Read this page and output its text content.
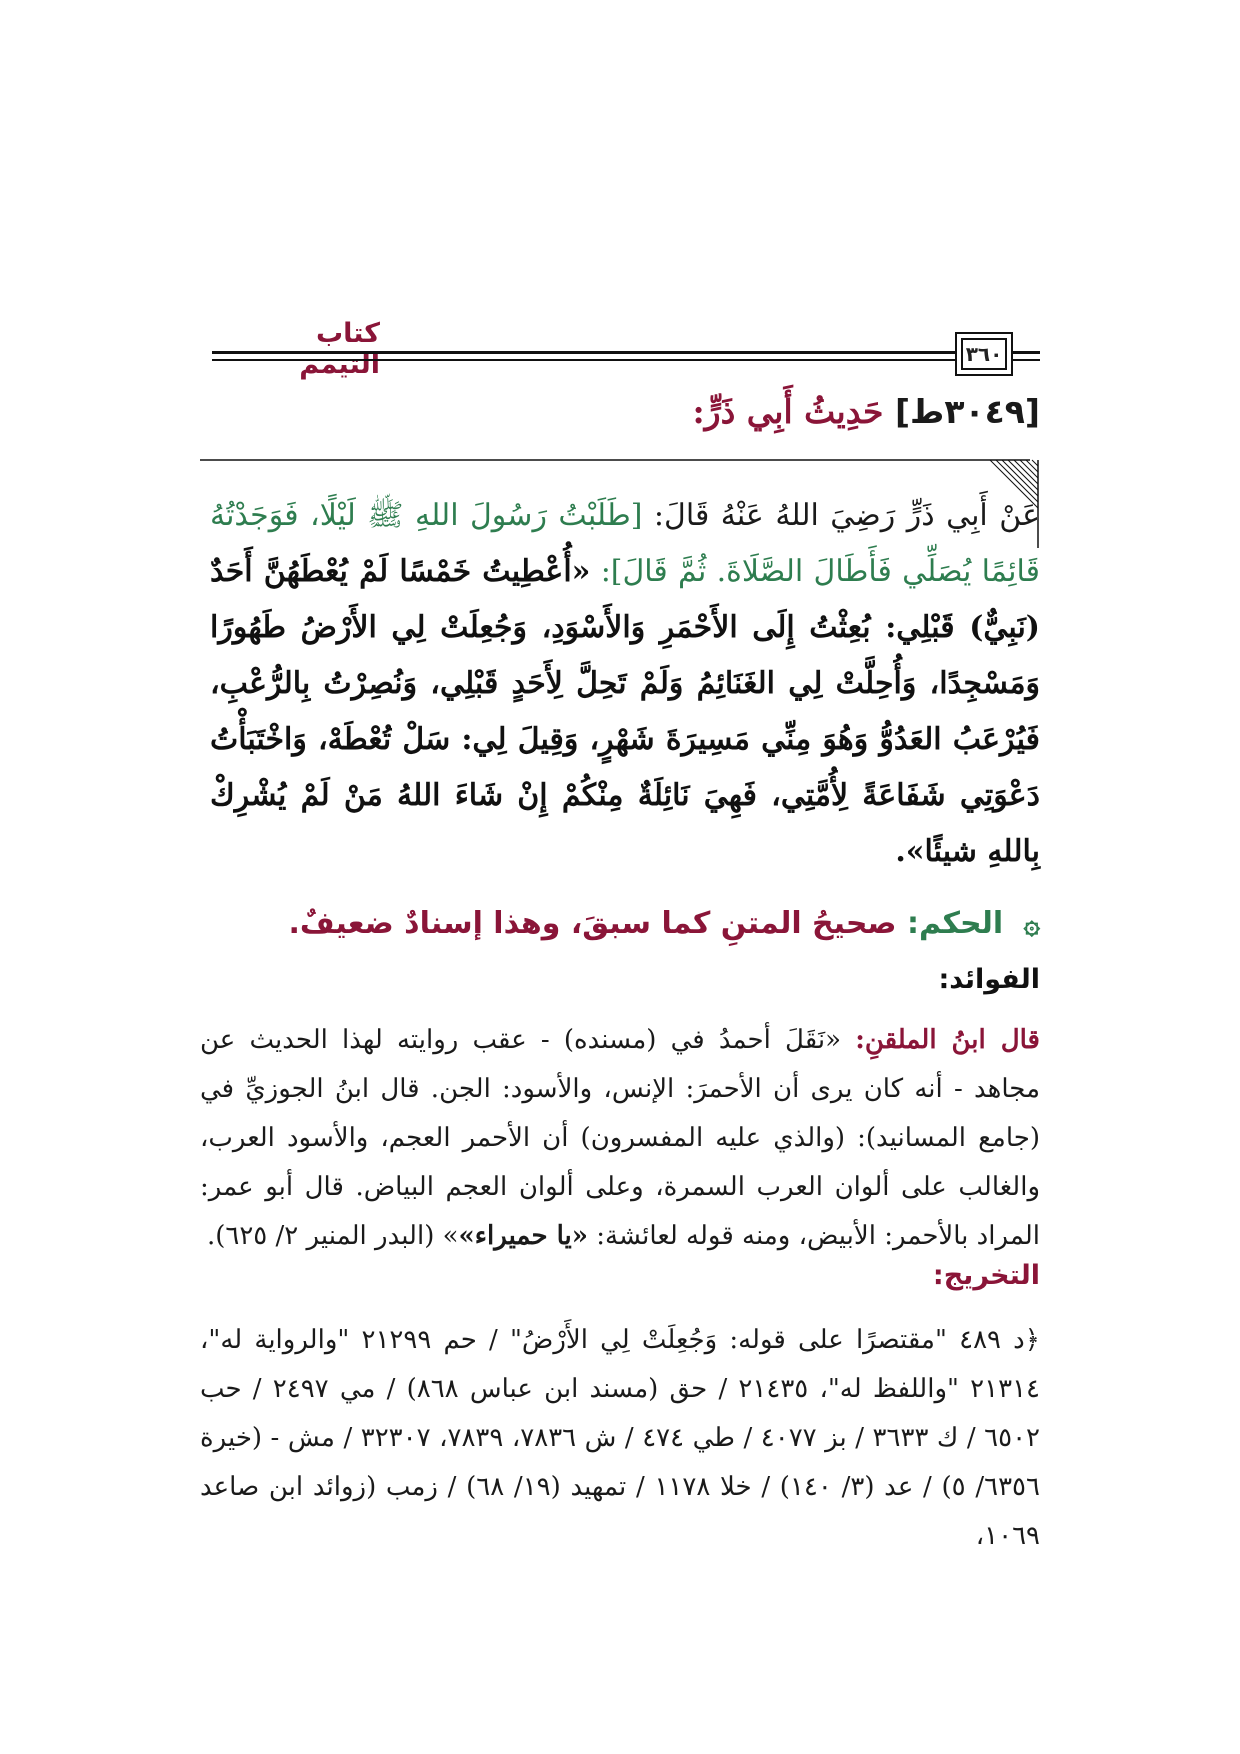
كتاب التيمم	٣٦٠
[٣٠٤٩ط] حَدِيثُ أَبِي ذَرٍّ:
عَنْ أَبِي ذَرٍّ رَضِيَ اللهُ عَنْهُ قَالَ: [طَلَبْتُ رَسُولَ اللهِ ﷺ لَيْلًا، فَوَجَدْتُهُ قَائِمًا يُصَلِّي فَأَطَالَ الصَّلَاةَ. ثُمَّ قَالَ]: «أُعْطِيتُ خَمْسًا لَمْ يُعْطَهُنَّ أَحَدٌ (نَبِيٌّ) قَبْلِي: بُعِثْتُ إِلَى الأَحْمَرِ وَالأَسْوَدِ، وَجُعِلَتْ لِي الأَرْضُ طَهُورًا وَمَسْجِدًا، وَأُحِلَّتْ لِي الغَنَائِمُ وَلَمْ تَحِلَّ لِأَحَدٍ قَبْلِي، وَنُصِرْتُ بِالرُّعْبِ، فَيُرْعَبُ العَدُوُّ وَهُوَ مِنِّي مَسِيرَةَ شَهْرٍ، وَقِيلَ لِي: سَلْ تُعْطَهْ، وَاخْتَبَأْتُ دَعْوَتِي شَفَاعَةً لِأُمَّتِي، فَهِيَ نَائِلَةٌ مِنْكُمْ إِنْ شَاءَ اللهُ مَنْ لَمْ يُشْرِكْ بِاللهِ شيئًا».
۞ الحكم: صحيحُ المتنِ كما سبقَ، وهذا إسنادٌ ضعيفٌ.
الفوائد:
قال ابنُ الملقنِ: «نَقَلَ أحمدُ في (مسنده) - عقب روايته لهذا الحديث عن مجاهد - أنه كان يرى أن الأحمرَ: الإنس، والأسود: الجن. قال ابنُ الجوزيِّ في (جامع المسانيد): (والذي عليه المفسرون) أن الأحمر العجم، والأسود العرب، والغالب على ألوان العرب السمرة، وعلى ألوان العجم البياض. قال أبو عمر: المراد بالأحمر: الأبيض، ومنه قوله لعائشة: «يا حميراء»» (البدر المنير ٢/ ٦٢٥).
التخريج:
﴿د ٤٨٩ "مقتصرًا على قوله: وَجُعِلَتْ لِي الأَرْضُ" / حم ٢١٢٩٩ "والرواية له"، ٢١٣١٤ "واللفظ له"، ٢١٤٣٥ / حق (مسند ابن عباس ٨٦٨) / مي ٢٤٩٧ / حب ٦٥٠٢ / ك ٣٦٣٣ / بز ٤٠٧٧ / طي ٤٧٤ / ش ٧٨٣٦، ٧٨٣٩، ٣٢٣٠٧ / مش - (خيرة ٦٣٥٦/ ٥) / عد (٣/ ١٤٠) / خلا ١١٧٨ / تمهيد (١٩/ ٦٨) / زمب (زوائد ابن صاعد ١٠٦٩،
